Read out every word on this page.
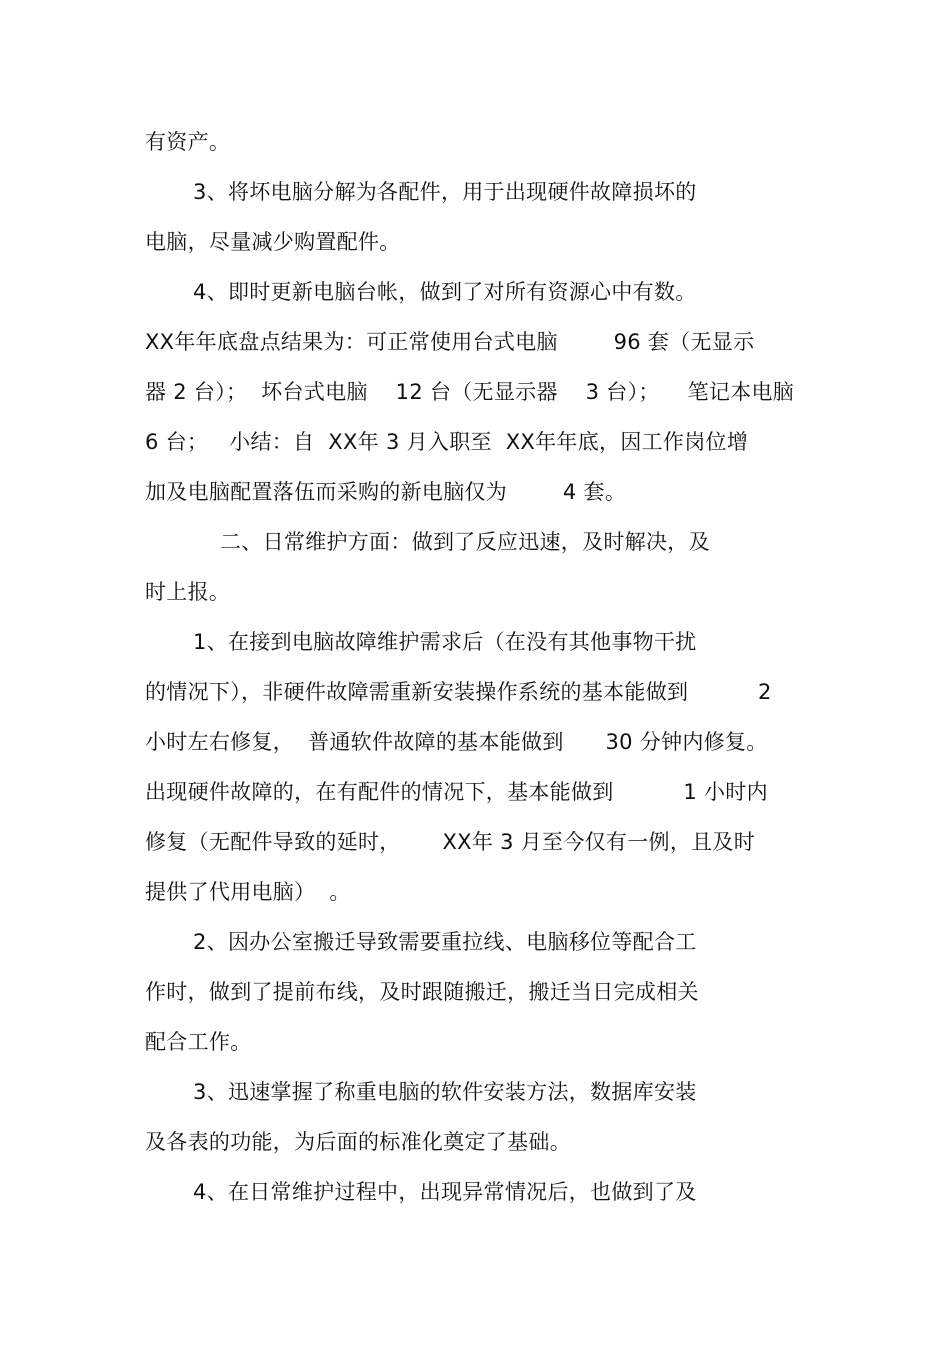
有资产。
3、将坏电脑分解为各配件，用于出现硬件故障损坏的
电脑，尽量减少购置配件。
4、即时更新电脑台帐，做到了对所有资源心中有数。
XX年年底盘点结果为：可正常使用台式电脑        96 套（无显示
器 2 台）；  坏台式电脑    12 台（无显示器    3 台）；    笔记本电脑
6 台；   小结：自  XX年 3 月入职至  XX年年底，因工作岗位增
加及电脑配置落伍而采购的新电脑仅为        4 套。
二、日常维护方面：做到了反应迅速，及时解决，及
时上报。
1、在接到电脑故障维护需求后（在没有其他事物干扰
的情况下），非硬件故障需重新安装操作系统的基本能做到          2
小时左右修复，  普通软件故障的基本能做到      30 分钟内修复。
出现硬件故障的，在有配件的情况下，基本能做到          1 小时内
修复（无配件导致的延时，      XX年 3 月至今仅有一例，且及时
提供了代用电脑）  。
2、因办公室搬迁导致需要重拉线、电脑移位等配合工
作时，做到了提前布线，及时跟随搬迁，搬迁当日完成相关
配合工作。
3、迅速掌握了称重电脑的软件安装方法，数据库安装
及各表的功能，为后面的标准化奠定了基础。
4、在日常维护过程中，出现异常情况后，也做到了及
